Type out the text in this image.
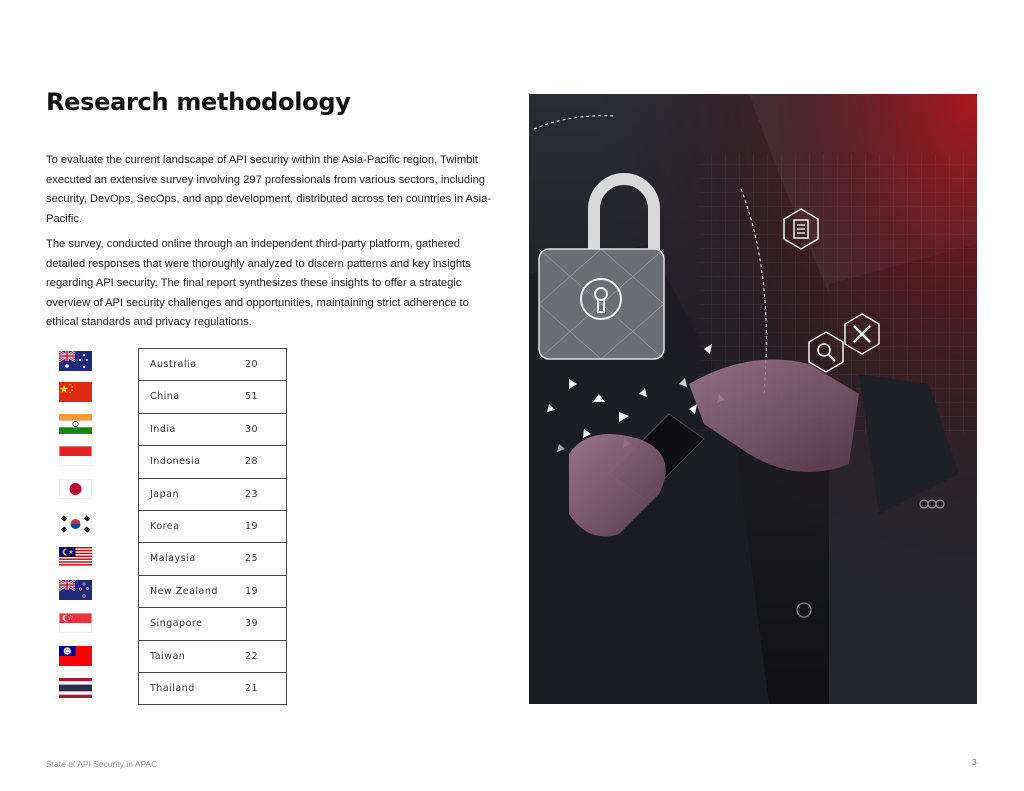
Research methodology

To evaluate the current landscape of API security within the Asia-Pacific region, Twimbit executed an extensive survey involving 297 professionals from various sectors, including security, DevOps, SecOps, and app development, distributed across ten countries in Asia-Pacific.

The survey, conducted online through an independent third-party platform, gathered detailed responses that were thoroughly analyzed to discern patterns and key insights regarding API security. The final report synthesizes these insights to offer a strategic overview of API security challenges and opportunities, maintaining strict adherence to ethical standards and privacy regulations.

Australia	20
China	51
India	30
Indonesia	28
Japan	23
Korea	19
Malaysia	25
New Zealand	19
Singapore	39
Taiwan	22
Thailand	21
State of API Security in APAC	3
